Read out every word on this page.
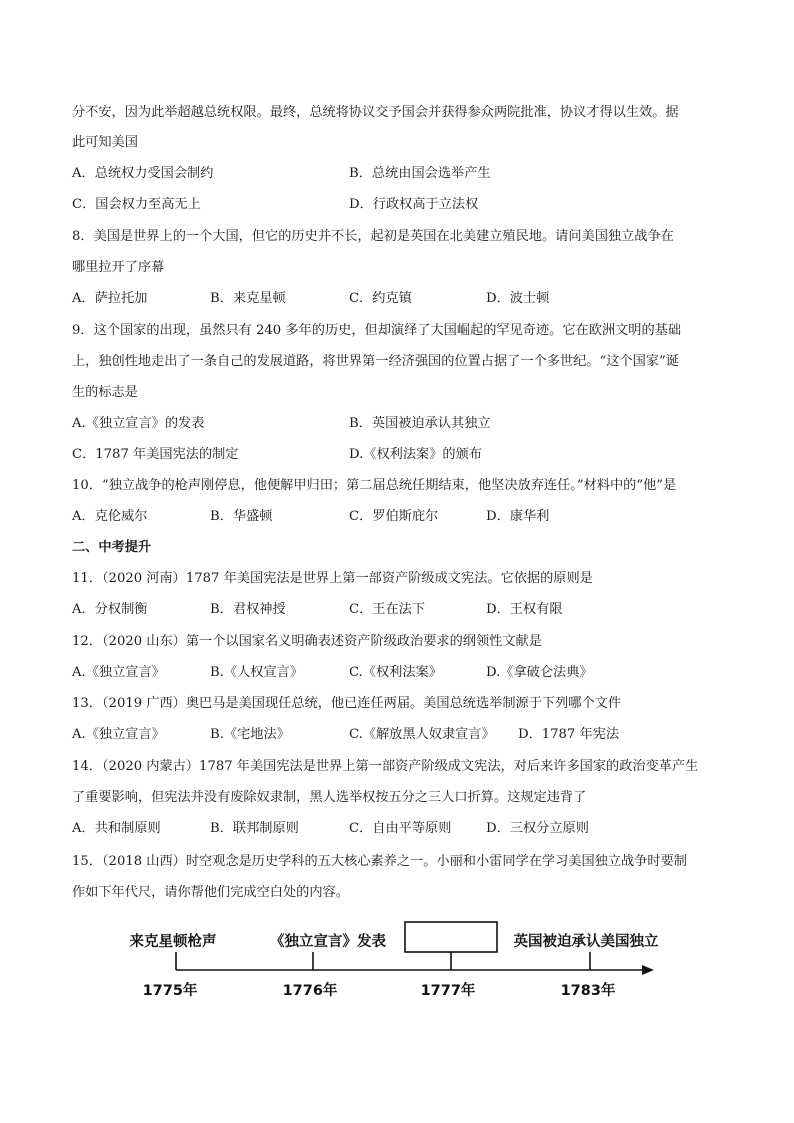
分不安，因为此举超越总统权限。最终，总统将协议交予国会并获得参众两院批准，协议才得以生效。据
此可知美国
A．总统权力受国会制约	B．总统由国会选举产生
C．国会权力至高无上	D．行政权高于立法权
8．美国是世界上的一个大国，但它的历史并不长，起初是英国在北美建立殖民地。请问美国独立战争在
哪里拉开了序幕
A．萨拉托加	B．来克星顿	C．约克镇	D．波士顿
9．这个国家的出现，虽然只有 240 多年的历史，但却演绎了大国崛起的罕见奇迹。它在欧洲文明的基础
上，独创性地走出了一条自己的发展道路，将世界第一经济强国的位置占据了一个多世纪。“这个国家”诞
生的标志是
A.《独立宣言》的发表	B．英国被迫承认其独立
C．1787 年美国宪法的制定	D.《权利法案》的颁布
10．“独立战争的枪声刚停息，他便解甲归田；第二届总统任期结束，他坚决放弃连任。”材料中的“他”是
A．克伦威尔	B．华盛顿	C．罗伯斯庇尔	D．康华利
二、中考提升
11．（2020 河南）1787 年美国宪法是世界上第一部资产阶级成文宪法。它依据的原则是
A．分权制衡	B．君权神授	C．王在法下	D．王权有限
12．（2020 山东）第一个以国家名义明确表述资产阶级政治要求的纲领性文献是
A.《独立宣言》	B.《人权宣言》	C.《权利法案》	D.《拿破仑法典》
13．（2019 广西）奥巴马是美国现任总统，他已连任两届。美国总统选举制源于下列哪个文件
A.《独立宣言》	B.《宅地法》	C.《解放黑人奴隶宣言》 D．1787 年宪法
14．（2020 内蒙古）1787 年美国宪法是世界上第一部资产阶级成文宪法，对后来许多国家的政治变革产生
了重要影响，但宪法并没有废除奴隶制，黑人选举权按五分之三人口折算。这规定违背了
A．共和制原则	B．联邦制原则	C．自由平等原则	D．三权分立原则
15．（2018 山西）时空观念是历史学科的五大核心素养之一。小丽和小雷同学在学习美国独立战争时要制
作如下年代尺，请你帮他们完成空白处的内容。
来克星顿枪声	《独立宣言》发表	英国被迫承认美国独立
1775年	1776年	1777年	1783年
